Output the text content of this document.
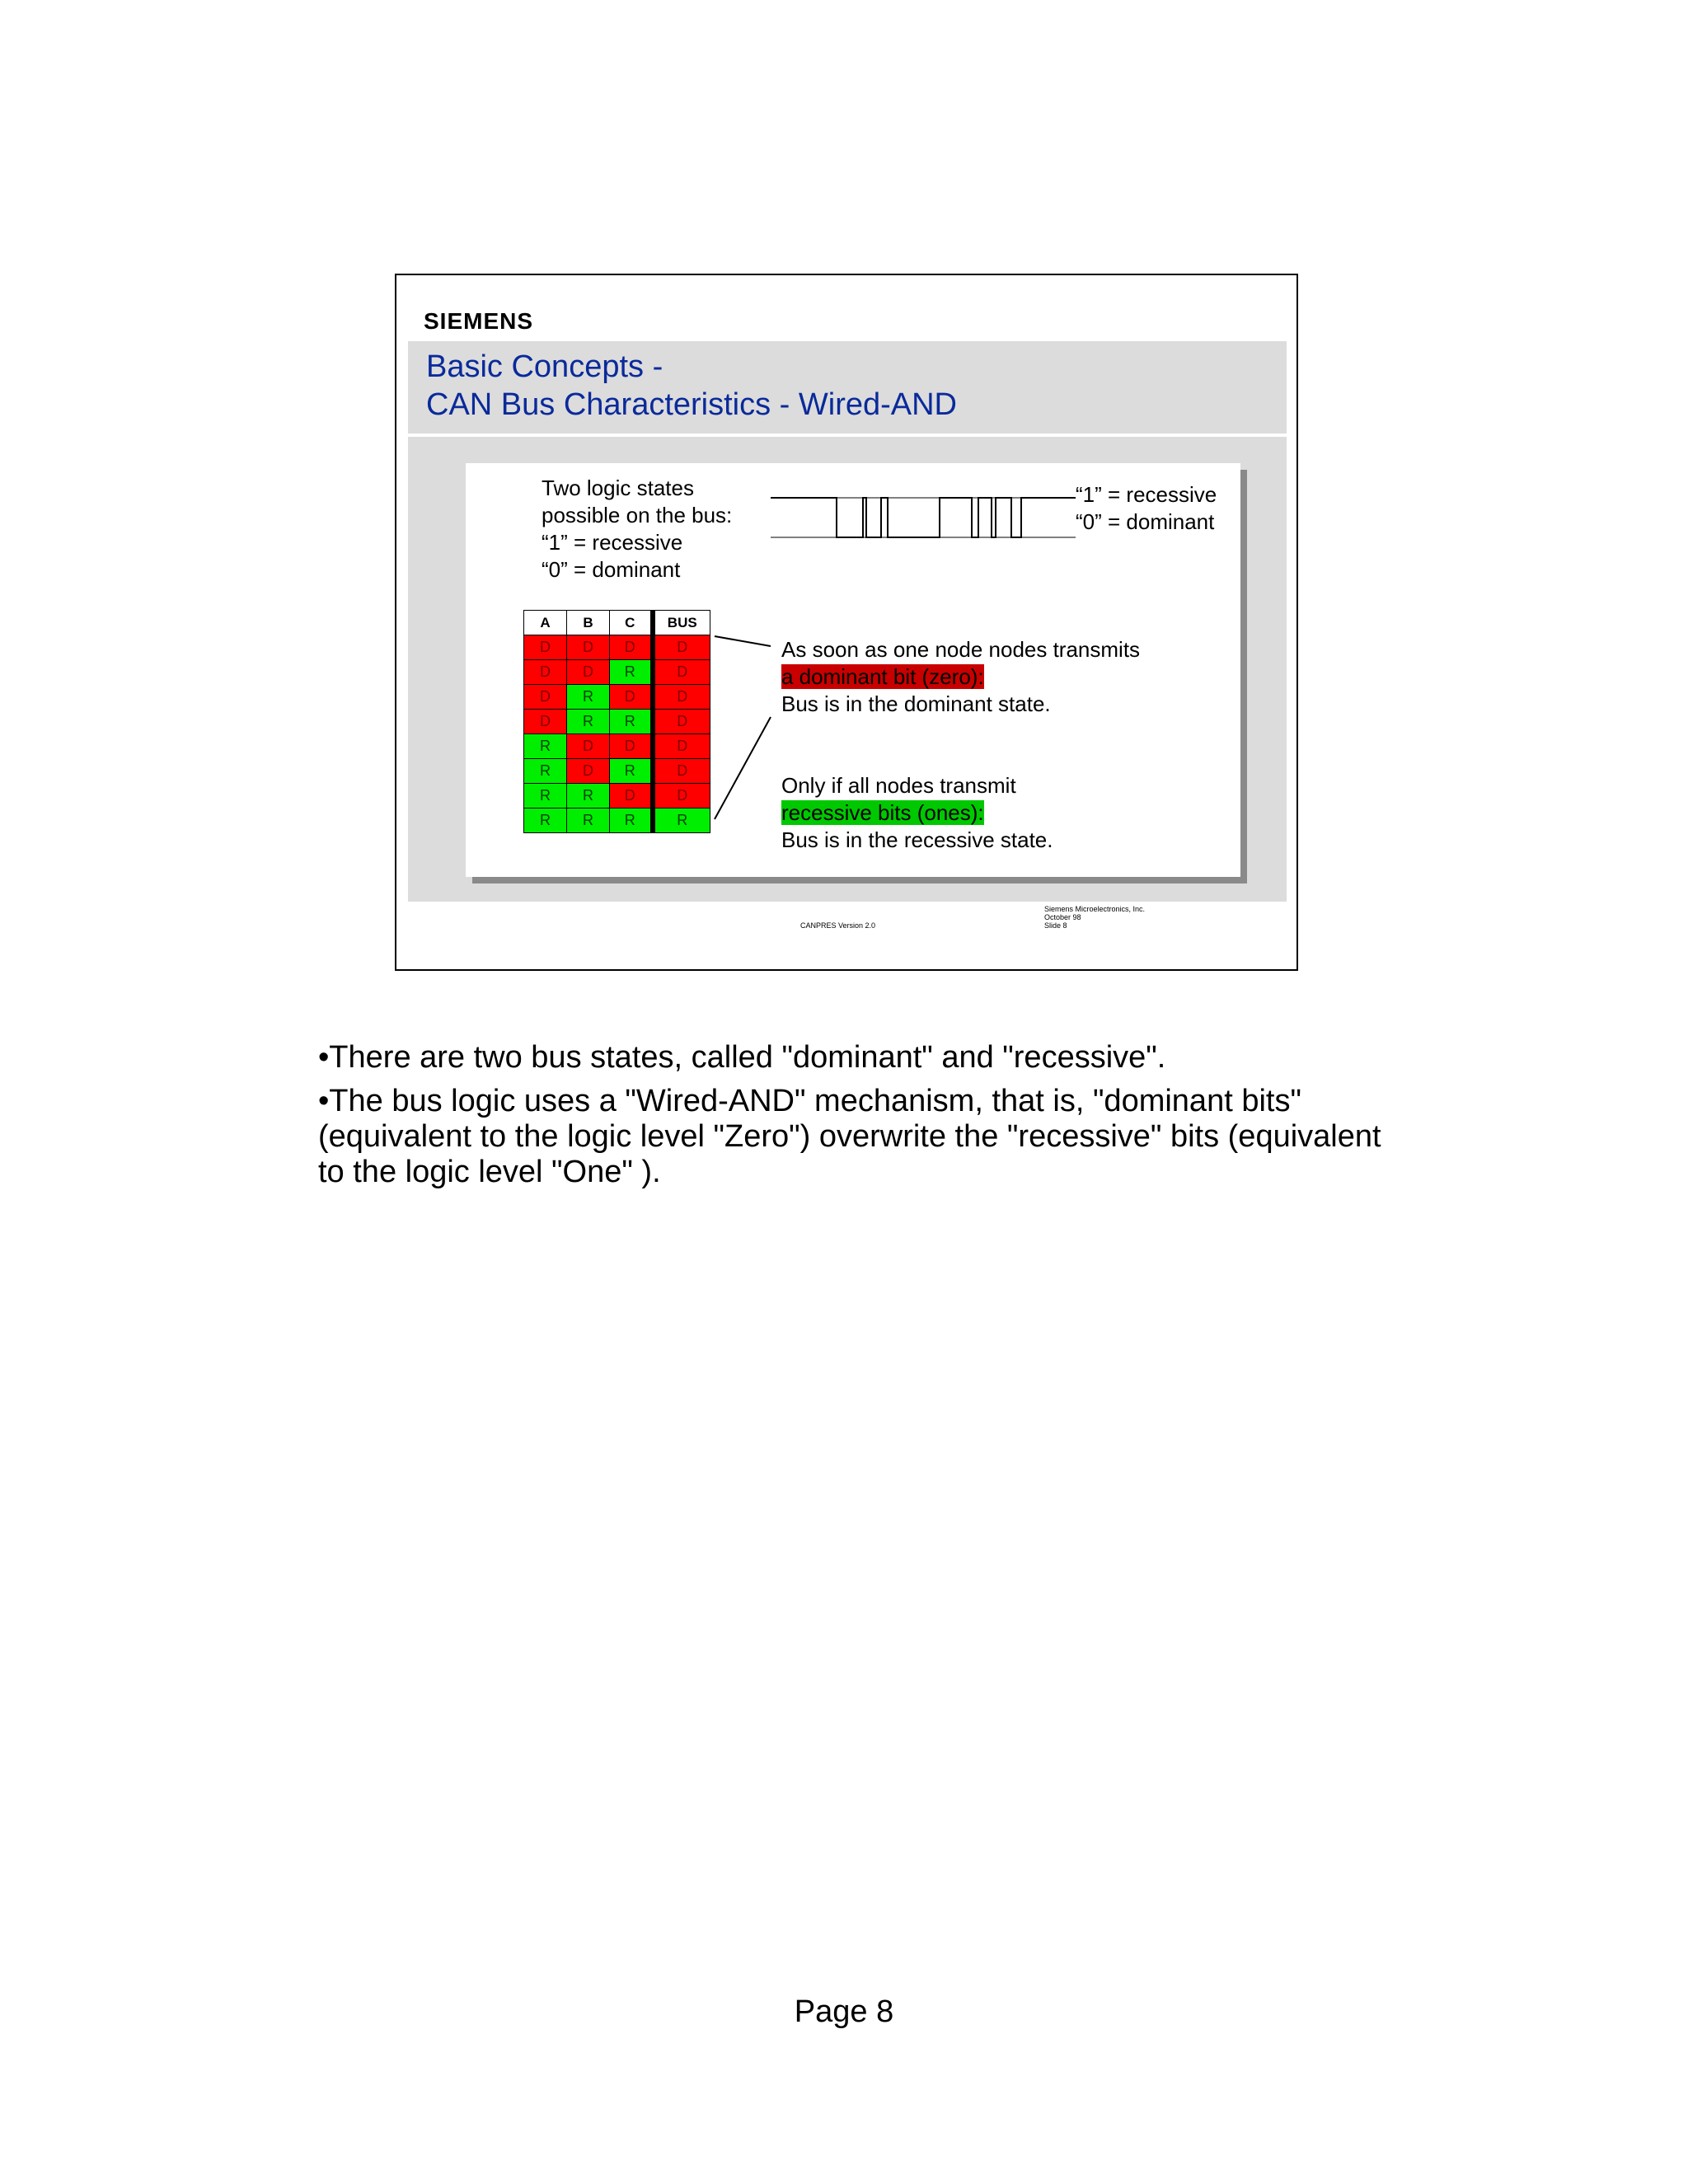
SIEMENS
Basic Concepts -
CAN Bus Characteristics - Wired-AND
Two logic states
possible on the bus:
“1” = recessive
“0” = dominant
“1” = recessive
“0” = dominant
A	B	C	BUS
D	D	D	D
D	D	R	D
D	R	D	D
D	R	R	D
R	D	D	D
R	D	R	D
R	R	D	D
R	R	R	R
As soon as one node nodes transmits
a dominant bit (zero):
Bus is in the dominant state.
Only if all nodes transmit
recessive bits (ones):
Bus is in the recessive state.
CANPRES Version 2.0
Siemens Microelectronics, Inc.
October 98
Slide 8

•There are two bus states, called "dominant" and "recessive".

•The bus logic uses a "Wired-AND" mechanism, that is, "dominant bits" (equivalent to the logic level "Zero") overwrite the "recessive" bits (equivalent to the logic level "One" ).

Page 8
